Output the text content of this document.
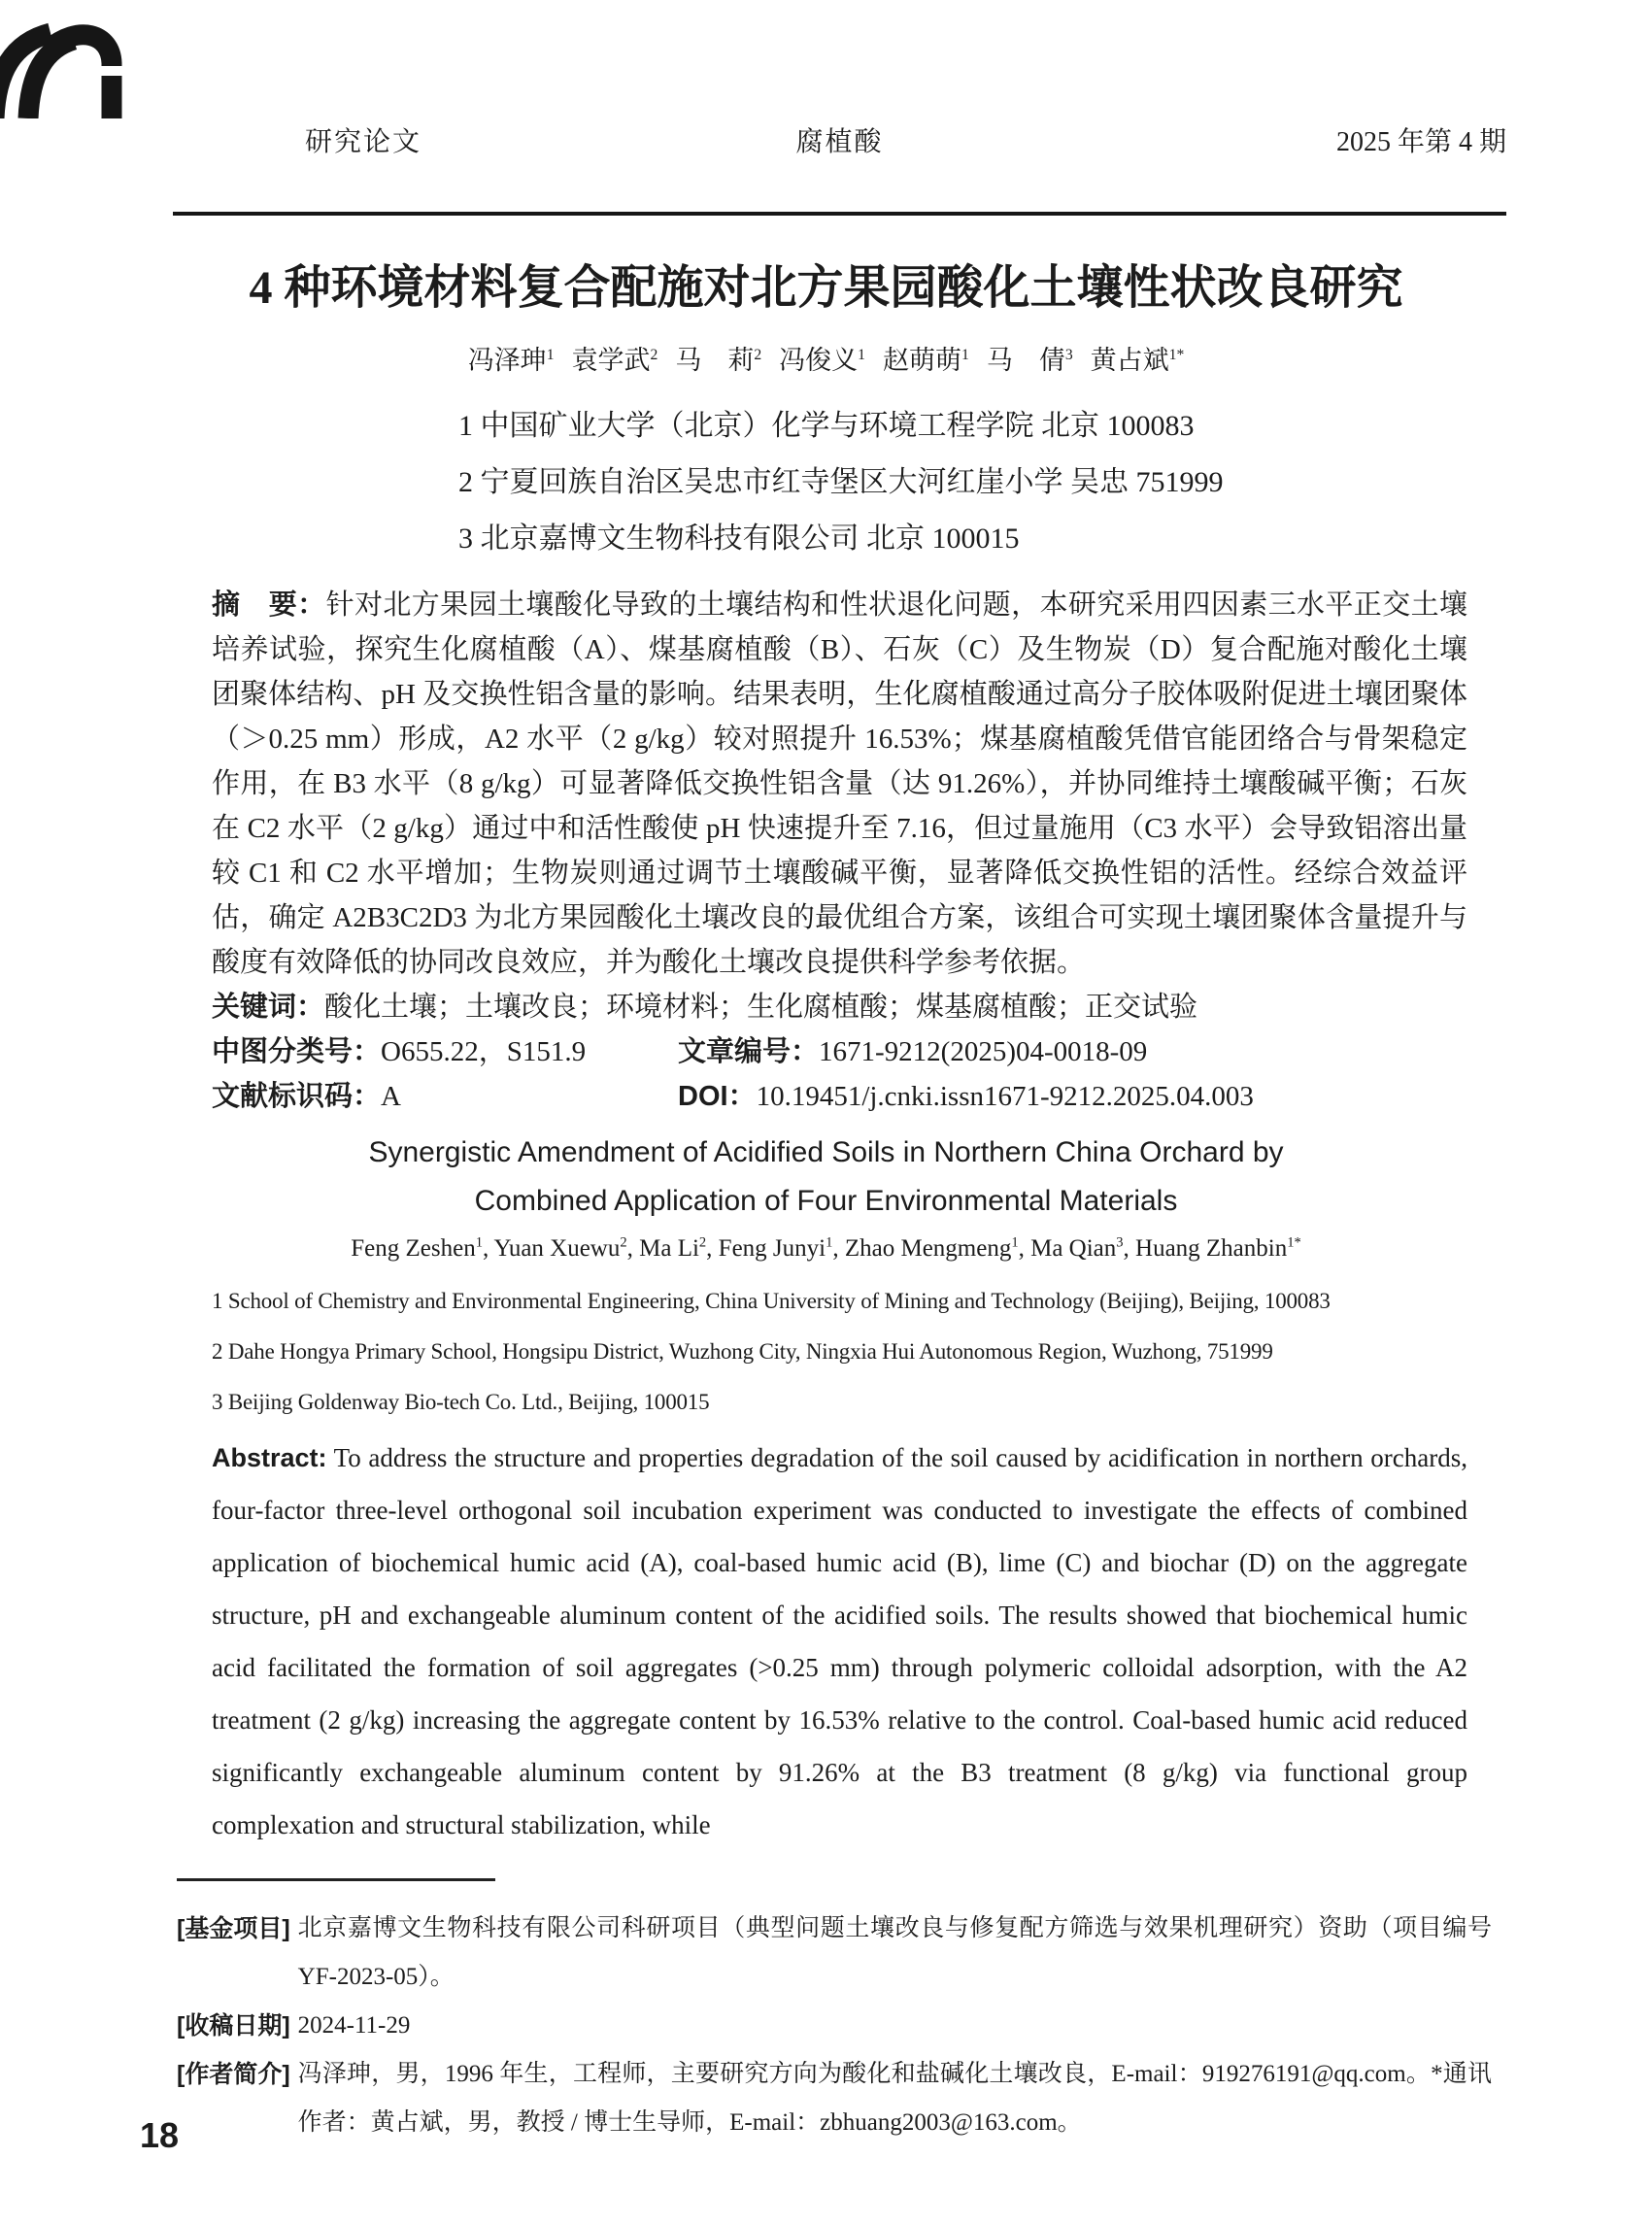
研究论文	腐植酸	2025 年第 4 期
4 种环境材料复合配施对北方果园酸化土壤性状改良研究
冯泽珅$^1$ 袁学武$^2$ 马　莉$^2$ 冯俊义$^1$ 赵萌萌$^1$ 马　倩$^3$ 黄占斌$^{1*}$
1 中国矿业大学（北京）化学与环境工程学院 北京 100083
2 宁夏回族自治区吴忠市红寺堡区大河红崖小学 吴忠 751999
3 北京嘉博文生物科技有限公司 北京 100015

摘　要：针对北方果园土壤酸化导致的土壤结构和性状退化问题，本研究采用四因素三水平正交土壤培养试验，探究生化腐植酸（A）、煤基腐植酸（B）、石灰（C）及生物炭（D）复合配施对酸化土壤团聚体结构、pH 及交换性铝含量的影响。结果表明，生化腐植酸通过高分子胶体吸附促进土壤团聚体（＞0.25 mm）形成，A2 水平（2 g/kg）较对照提升 16.53%；煤基腐植酸凭借官能团络合与骨架稳定作用，在 B3 水平（8 g/kg）可显著降低交换性铝含量（达 91.26%），并协同维持土壤酸碱平衡；石灰在 C2 水平（2 g/kg）通过中和活性酸使 pH 快速提升至 7.16，但过量施用（C3 水平）会导致铝溶出量较 C1 和 C2 水平增加；生物炭则通过调节土壤酸碱平衡，显著降低交换性铝的活性。经综合效益评估，确定 A2B3C2D3 为北方果园酸化土壤改良的最优组合方案，该组合可实现土壤团聚体含量提升与酸度有效降低的协同改良效应，并为酸化土壤改良提供科学参考依据。

关键词：酸化土壤；土壤改良；环境材料；生化腐植酸；煤基腐植酸；正交试验

中图分类号：O655.22，S151.9	文章编号：1671-9212(2025)04-0018-09
文献标识码：A	DOI：10.19451/j.cnki.issn1671-9212.2025.04.003
Synergistic Amendment of Acidified Soils in Northern China Orchard by
Combined Application of Four Environmental Materials
Feng Zeshen$^1$, Yuan Xuewu$^2$, Ma Li$^2$, Feng Junyi$^1$, Zhao Mengmeng$^1$, Ma Qian$^3$, Huang Zhanbin$^{1*}$
1 School of Chemistry and Environmental Engineering, China University of Mining and Technology (Beijing), Beijing, 100083
2 Dahe Hongya Primary School, Hongsipu District, Wuzhong City, Ningxia Hui Autonomous Region, Wuzhong, 751999
3 Beijing Goldenway Bio-tech Co. Ltd., Beijing, 100015

Abstract: To address the structure and properties degradation of the soil caused by acidification in northern orchards, four-factor three-level orthogonal soil incubation experiment was conducted to investigate the effects of combined application of biochemical humic acid (A), coal-based humic acid (B), lime (C) and biochar (D) on the aggregate structure, pH and exchangeable aluminum content of the acidified soils. The results showed that biochemical humic acid facilitated the formation of soil aggregates (>0.25 mm) through polymeric colloidal adsorption, with the A2 treatment (2 g/kg) increasing the aggregate content by 16.53% relative to the control. Coal-based humic acid reduced significantly exchangeable aluminum content by 91.26% at the B3 treatment (8 g/kg) via functional group complexation and structural stabilization, while

[基金项目] 北京嘉博文生物科技有限公司科研项目（典型问题土壤改良与修复配方筛选与效果机理研究）资助（项目编号 YF-2023-05）。
[收稿日期] 2024-11-29
[作者简介] 冯泽珅，男，1996 年生，工程师，主要研究方向为酸化和盐碱化土壤改良，E-mail：919276191@qq.com。*通讯作者：黄占斌，男，教授 / 博士生导师，E-mail：zbhuang2003@163.com。
18
